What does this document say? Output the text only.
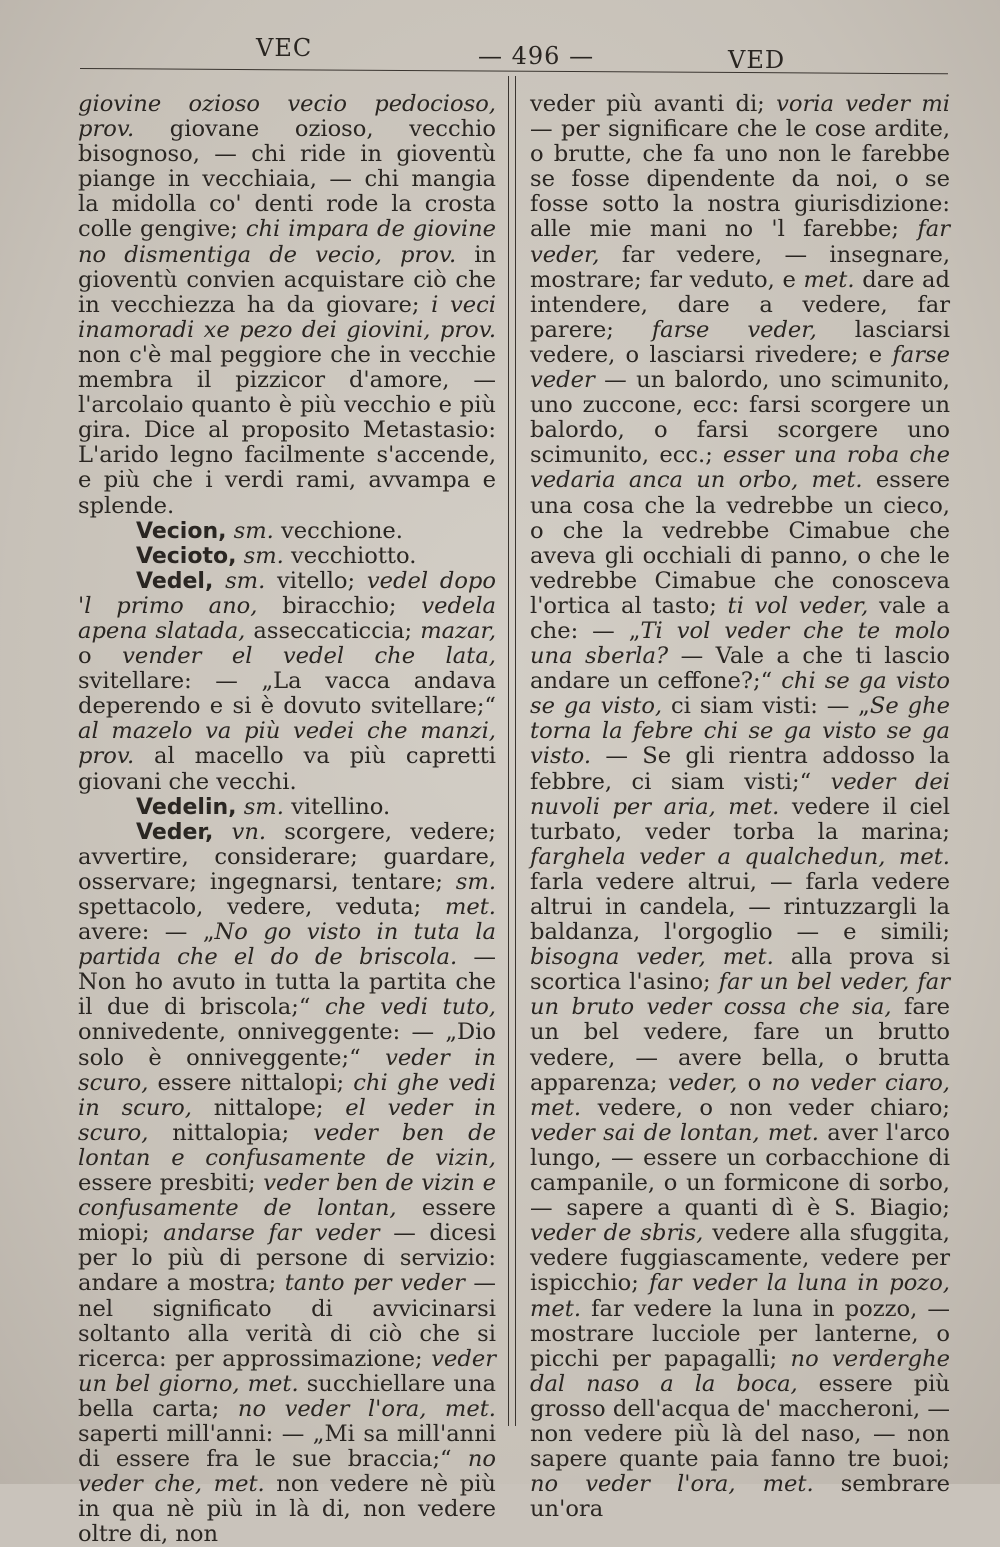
VEC	— 496 —	VED

giovine ozioso vecio pedocioso, prov. giovane ozioso, vecchio bisognoso, — chi ride in gioventù piange in vecchiaia, — chi mangia la midolla co' denti rode la crosta colle gengive; chi impara de giovine no dismentiga de vecio, prov. in gioventù convien acquistare ciò che in vecchiezza ha da giovare; i veci inamoradi xe pezo dei giovini, prov. non c'è mal peggiore che in vecchie membra il pizzicor d'amore, — l'arcolaio quanto è più vecchio e più gira. Dice al proposito Metastasio: L'arido legno facilmente s'accende, e più che i verdi rami, avvampa e splende.

Vecion, sm. vecchione.

Vecioto, sm. vecchiotto.

Vedel, sm. vitello; vedel dopo 'l primo ano, biracchio; vedela apena slatada, asseccaticcia; mazar, o vender el vedel che lata, svitellare: — „La vacca andava deperendo e si è dovuto svitellare;“ al mazelo va più vedei che manzi, prov. al macello va più capretti giovani che vecchi.

Vedelin, sm. vitellino.

Veder, vn. scorgere, vedere; avvertire, considerare; guardare, osservare; ingegnarsi, tentare; sm. spettacolo, vedere, veduta; met. avere: — „No go visto in tuta la partida che el do de briscola. — Non ho avuto in tutta la partita che il due di briscola;“ che vedi tuto, onnivedente, onniveggente: — „Dio solo è onniveggente;“ veder in scuro, essere nittalopi; chi ghe vedi in scuro, nittalope; el veder in scuro, nittalopia; veder ben de lontan e confusamente de vizin, essere presbiti; veder ben de vizin e confusamente de lontan, essere miopi; andarse far veder — dicesi per lo più di persone di servizio: andare a mostra; tanto per veder — nel significato di avvicinarsi soltanto alla verità di ciò che si ricerca: per approssimazione; veder un bel giorno, met. succhiellare una bella carta; no veder l'ora, met. saperti mill'anni: — „Mi sa mill'anni di essere fra le sue braccia;“ no veder che, met. non vedere nè più in qua nè più in là di, non vedere oltre di, non

veder più avanti di; voria veder mi — per significare che le cose ardite, o brutte, che fa uno non le farebbe se fosse dipendente da noi, o se fosse sotto la nostra giurisdizione: alle mie mani no 'l farebbe; far veder, far vedere, — insegnare, mostrare; far veduto, e met. dare ad intendere, dare a vedere, far parere; farse veder, lasciarsi vedere, o lasciarsi rivedere; e farse veder — un balordo, uno scimunito, uno zuccone, ecc: farsi scorgere un balordo, o farsi scorgere uno scimunito, ecc.; esser una roba che vedaria anca un orbo, met. essere una cosa che la vedrebbe un cieco, o che la vedrebbe Cimabue che aveva gli occhiali di panno, o che le vedrebbe Cimabue che conosceva l'ortica al tasto; ti vol veder, vale a che: — „Ti vol veder che te molo una sberla? — Vale a che ti lascio andare un ceffone?;“ chi se ga visto se ga visto, ci siam visti: — „Se ghe torna la febre chi se ga visto se ga visto. — Se gli rientra addosso la febbre, ci siam visti;“ veder dei nuvoli per aria, met. vedere il ciel turbato, veder torba la marina; farghela veder a qualchedun, met. farla vedere altrui, — farla vedere altrui in candela, — rintuzzargli la baldanza, l'orgoglio — e simili; bisogna veder, met. alla prova si scortica l'asino; far un bel veder, far un bruto veder cossa che sia, fare un bel vedere, fare un brutto vedere, — avere bella, o brutta apparenza; veder, o no veder ciaro, met. vedere, o non veder chiaro; veder sai de lontan, met. aver l'arco lungo, — essere un corbacchione di campanile, o un formicone di sorbo, — sapere a quanti dì è S. Biagio; veder de sbris, vedere alla sfuggita, vedere fuggiascamente, vedere per ispicchio; far veder la luna in pozo, met. far vedere la luna in pozzo, — mostrare lucciole per lanterne, o picchi per papagalli; no verderghe dal naso a la boca, essere più grosso dell'acqua de' maccheroni, — non vedere più là del naso, — non sapere quante paia fanno tre buoi; no veder l'ora, met. sembrare un'ora
